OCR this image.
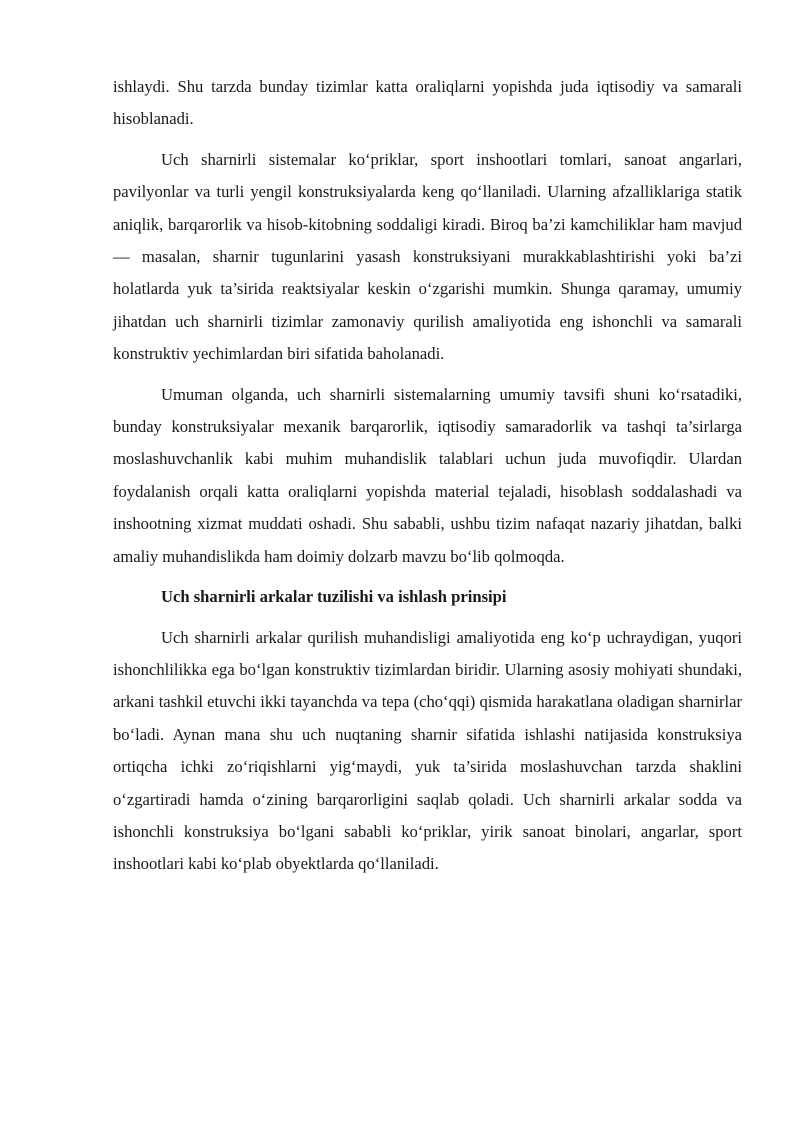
ishlaydi. Shu tarzda bunday tizimlar katta oraliqlarni yopishda juda iqtisodiy va samarali hisoblanadi.

Uch sharnirli sistemalar ko‘priklar, sport inshootlari tomlari, sanoat angarlari, pavilyonlar va turli yengil konstruksiyalarda keng qo‘llaniladi. Ularning afzalliklariga statik aniqlik, barqarorlik va hisob-kitobning soddaligi kiradi. Biroq ba’zi kamchiliklar ham mavjud — masalan, sharnir tugunlarini yasash konstruksiyani murakkablashtirishi yoki ba’zi holatlarda yuk ta’sirida reaktsiyalar keskin o‘zgarishi mumkin. Shunga qaramay, umumiy jihatdan uch sharnirli tizimlar zamonaviy qurilish amaliyotida eng ishonchli va samarali konstruktiv yechimlardan biri sifatida baholanadi.

Umuman olganda, uch sharnirli sistemalarning umumiy tavsifi shuni ko‘rsatadiki, bunday konstruksiyalar mexanik barqarorlik, iqtisodiy samaradorlik va tashqi ta’sirlarga moslashuvchanlik kabi muhim muhandislik talablari uchun juda muvofiqdir. Ulardan foydalanish orqali katta oraliqlarni yopishda material tejaladi, hisoblash soddalashadi va inshootning xizmat muddati oshadi. Shu sababli, ushbu tizim nafaqat nazariy jihatdan, balki amaliy muhandislikda ham doimiy dolzarb mavzu bo‘lib qolmoqda.

Uch sharnirli arkalar tuzilishi va ishlash prinsipi

Uch sharnirli arkalar qurilish muhandisligi amaliyotida eng ko‘p uchraydigan, yuqori ishonchlilikka ega bo‘lgan konstruktiv tizimlardan biridir. Ularning asosiy mohiyati shundaki, arkani tashkil etuvchi ikki tayanchda va tepa (cho‘qqi) qismida harakatlana oladigan sharnirlar bo‘ladi. Aynan mana shu uch nuqtaning sharnir sifatida ishlashi natijasida konstruksiya ortiqcha ichki zo‘riqishlarni yig‘maydi, yuk ta’sirida moslashuvchan tarzda shaklini o‘zgartiradi hamda o‘zining barqarorligini saqlab qoladi. Uch sharnirli arkalar sodda va ishonchli konstruksiya bo‘lgani sababli ko‘priklar, yirik sanoat binolari, angarlar, sport inshootlari kabi ko‘plab obyektlarda qo‘llaniladi.
